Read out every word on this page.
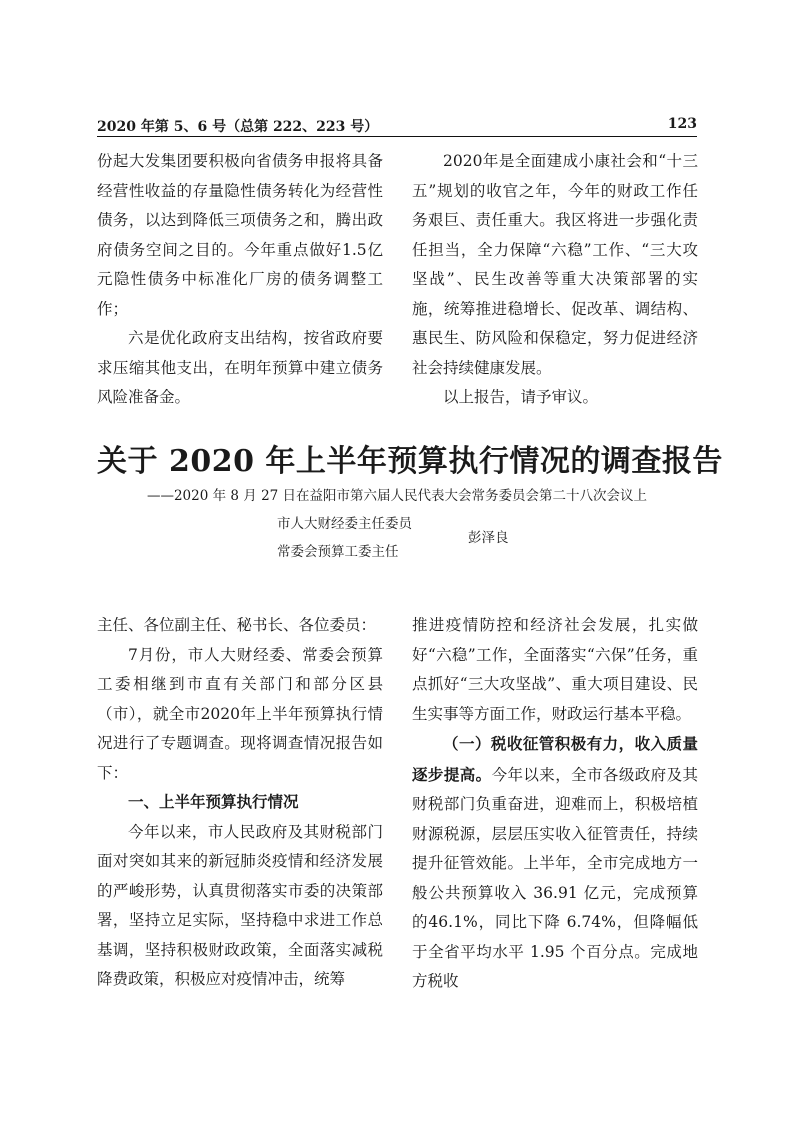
2020 年第 5、6 号（总第 222、223 号）	123

份起大发集团要积极向省债务申报将具备经营性收益的存量隐性债务转化为经营性债务，以达到降低三项债务之和，腾出政府债务空间之目的。今年重点做好1.5亿元隐性债务中标准化厂房的债务调整工作；

六是优化政府支出结构，按省政府要求压缩其他支出，在明年预算中建立债务风险准备金。

2020年是全面建成小康社会和“十三五”规划的收官之年，今年的财政工作任务艰巨、责任重大。我区将进一步强化责任担当，全力保障“六稳”工作、“三大攻坚战”、民生改善等重大决策部署的实施，统筹推进稳增长、促改革、调结构、惠民生、防风险和保稳定，努力促进经济社会持续健康发展。

以上报告，请予审议。

关于 2020 年上半年预算执行情况的调查报告
——2020 年 8 月 27 日在益阳市第六届人民代表大会常务委员会第二十八次会议上
市人大财经委主任委员
常委会预算工委主任
彭泽良

主任、各位副主任、秘书长、各位委员：

7月份，市人大财经委、常委会预算工委相继到市直有关部门和部分区县（市），就全市2020年上半年预算执行情况进行了专题调查。现将调查情况报告如下：

一、上半年预算执行情况

今年以来，市人民政府及其财税部门面对突如其来的新冠肺炎疫情和经济发展的严峻形势，认真贯彻落实市委的决策部署，坚持立足实际，坚持稳中求进工作总基调，坚持积极财政政策，全面落实减税降费政策，积极应对疫情冲击，统筹

推进疫情防控和经济社会发展，扎实做好“六稳”工作，全面落实“六保”任务，重点抓好“三大攻坚战”、重大项目建设、民生实事等方面工作，财政运行基本平稳。

（一）税收征管积极有力，收入质量逐步提高。今年以来，全市各级政府及其财税部门负重奋进，迎难而上，积极培植财源税源，层层压实收入征管责任，持续提升征管效能。上半年，全市完成地方一般公共预算收入 36.91 亿元，完成预算的46.1%，同比下降 6.74%，但降幅低于全省平均水平 1.95 个百分点。完成地方税收
